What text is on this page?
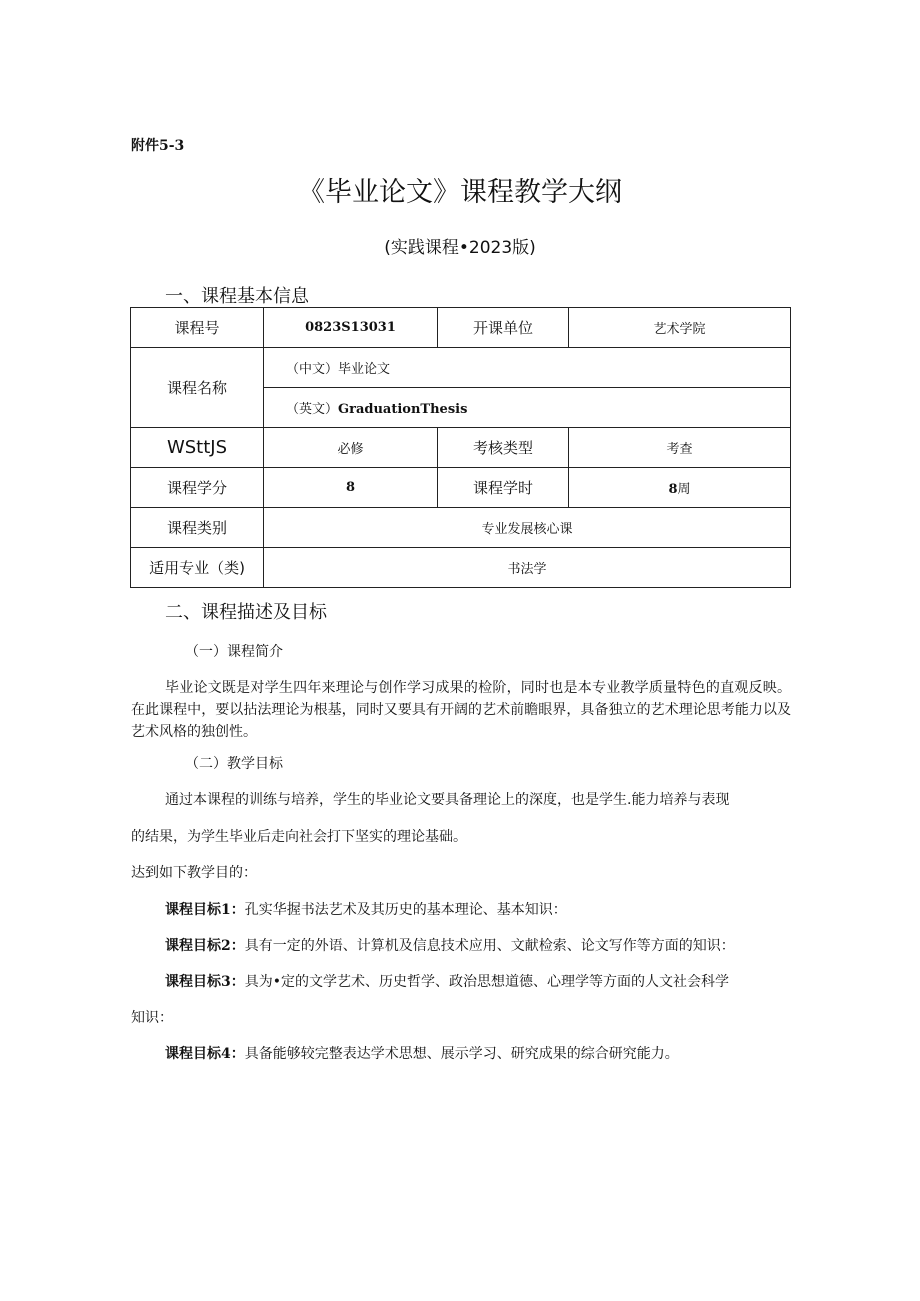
附件5-3
《毕业论文》课程教学大纲
(实践课程•2023版)
一、课程基本信息
课程号	0823S13031	开课单位	艺术学院
课程名称	（中文）毕业论文		
	（英文）GraduationThesis		
WSttJS	必修	考核类型	考查
课程学分	8	课程学时	8周
课程类别	专业发展核心课		
适用专业（类)	书法学		
二、课程描述及目标
（一）课程简介
毕业论文既是对学生四年来理论与创作学习成果的检阶，同时也是本专业教学质量特色的直观反映。在此课程中，要以拈法理论为根基，同时又要具有开阔的艺术前瞻眼界，具备独立的艺术理论思考能力以及艺术风格的独创性。
（二）教学目标
通过本课程的训练与培养，学生的毕业论文要具备理论上的深度，也是学生.能力培养与表现
的结果，为学生毕业后走向社会打下坚实的理论基础。
达到如下教学目的：
课程目标1：孔实华握书法艺术及其历史的基本理论、基本知识：
课程目标2：具有一定的外语、计算机及信息技术应用、文献检索、论文写作等方面的知识：
课程目标3：具为•定的文学艺术、历史哲学、政治思想道德、心理学等方面的人文社会科学
知识：
课程目标4：具备能够较完整表达学术思想、展示学习、研究成果的综合研究能力。
